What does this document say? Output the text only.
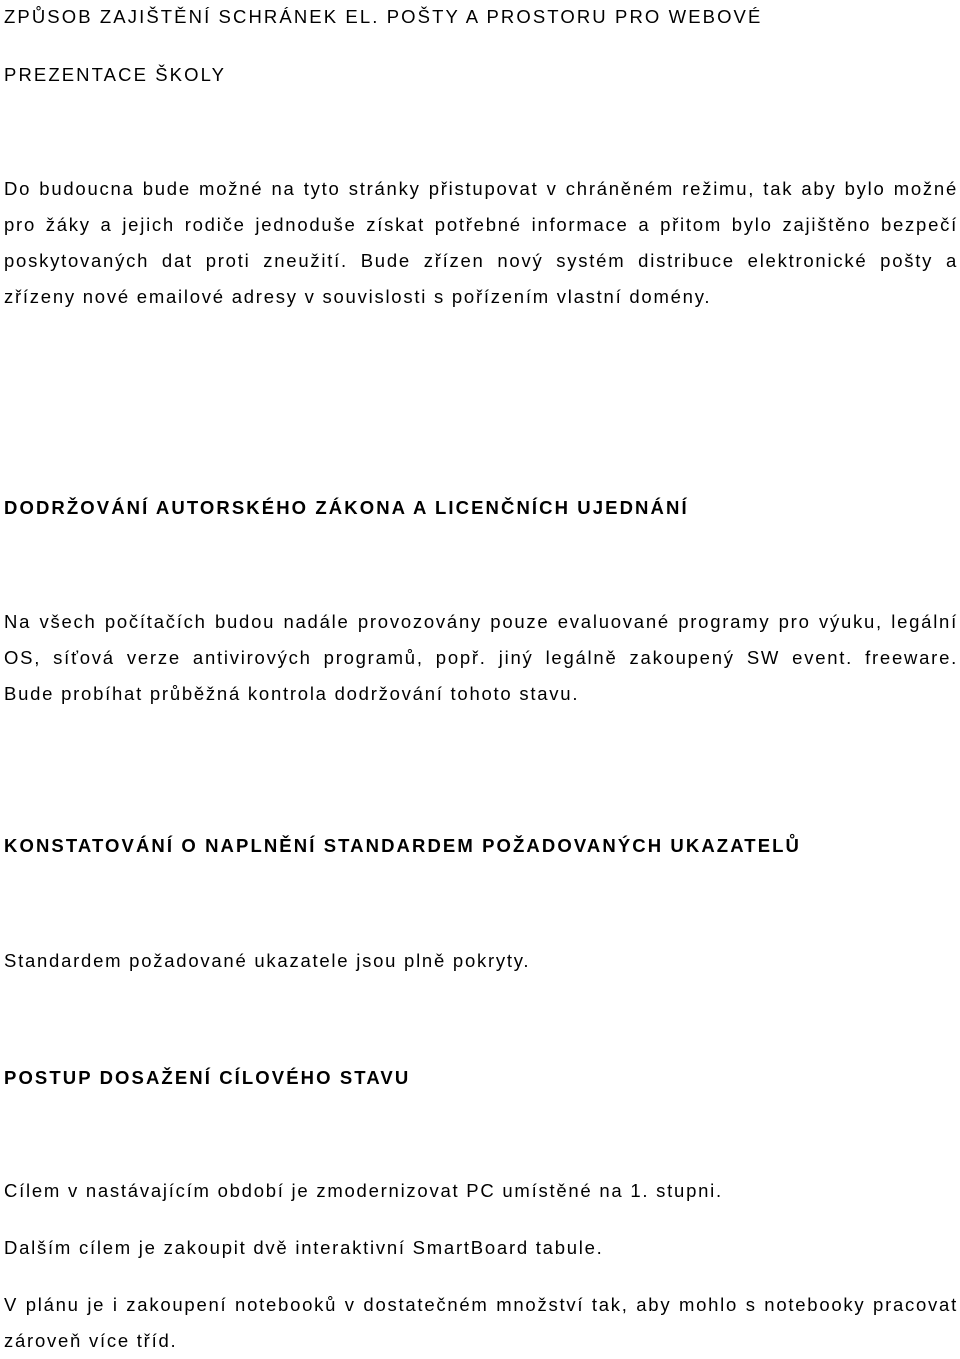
ZPŮSOB ZAJIŠTĚNÍ SCHRÁNEK EL. POŠTY A PROSTORU PRO WEBOVÉ

PREZENTACE ŠKOLY

Do budoucna bude možné na tyto stránky přistupovat v chráněném režimu, tak aby bylo možné pro žáky a jejich rodiče jednoduše získat potřebné informace a přitom bylo zajištěno bezpečí poskytovaných dat proti zneužití. Bude zřízen nový systém distribuce elektronické pošty a zřízeny nové emailové adresy v souvislosti s pořízením vlastní domény.

DODRŽOVÁNÍ AUTORSKÉHO ZÁKONA A LICENČNÍCH UJEDNÁNÍ

Na všech počítačích budou nadále provozovány pouze evaluované programy pro výuku, legální OS, síťová verze antivirových programů, popř. jiný legálně zakoupený SW event. freeware. Bude probíhat průběžná kontrola dodržování tohoto stavu.

KONSTATOVÁNÍ O NAPLNĚNÍ STANDARDEM POŽADOVANÝCH UKAZATELŮ

Standardem požadované ukazatele jsou plně pokryty.

POSTUP DOSAŽENÍ CÍLOVÉHO STAVU

Cílem v nastávajícím období je zmodernizovat PC umístěné na 1. stupni.

Dalším cílem je zakoupit dvě interaktivní SmartBoard tabule.

V plánu je i zakoupení notebooků v dostatečném množství tak, aby mohlo s notebooky pracovat zároveň více tříd.
